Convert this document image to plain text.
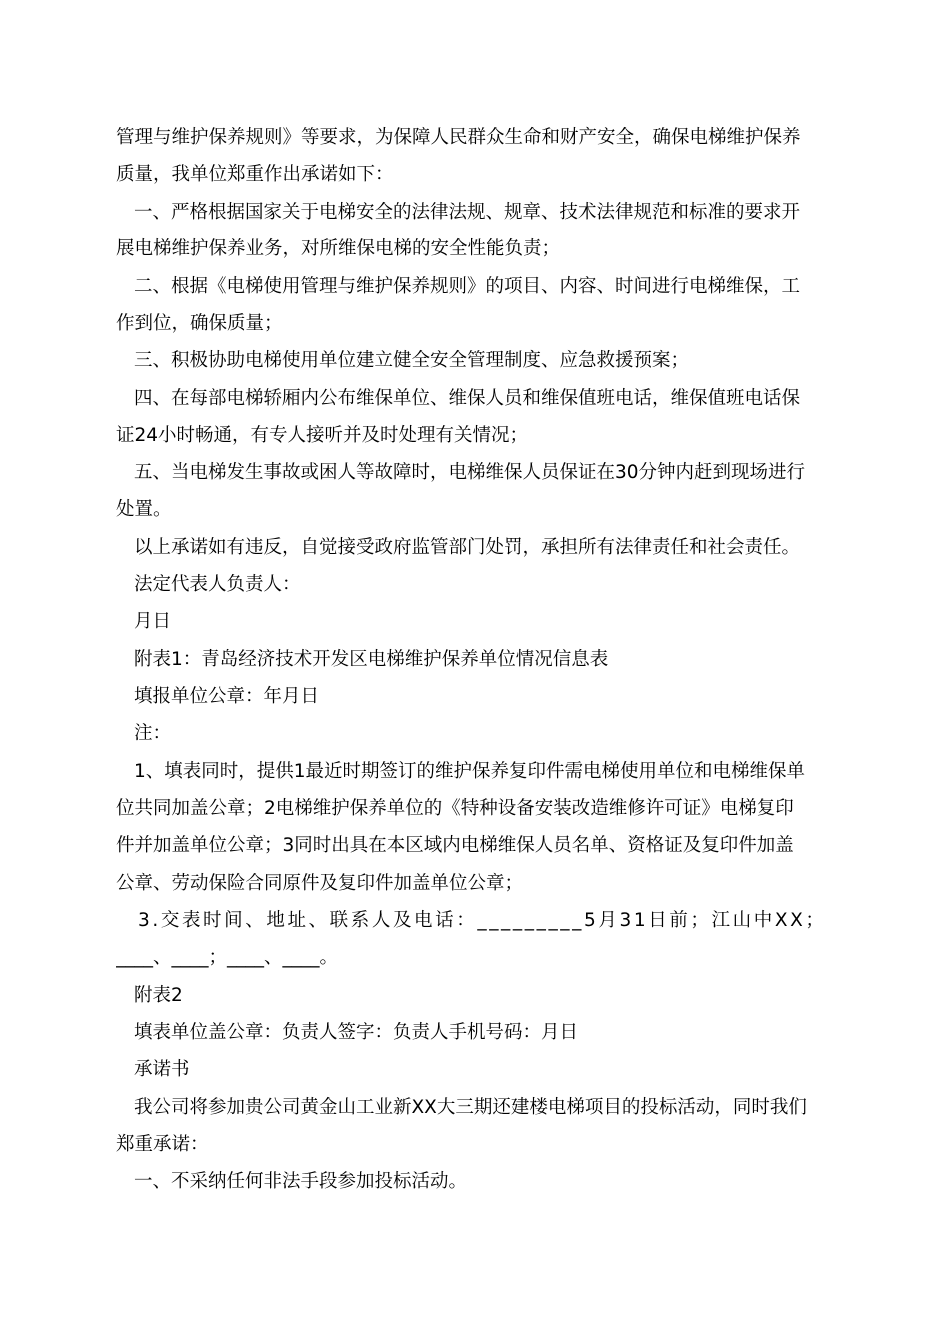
管理与维护保养规则》等要求，为保障人民群众生命和财产安全，确保电梯维护保养
质量，我单位郑重作出承诺如下：
一、严格根据国家关于电梯安全的法律法规、规章、技术法律规范和标准的要求开
展电梯维护保养业务，对所维保电梯的安全性能负责；
二、根据《电梯使用管理与维护保养规则》的项目、内容、时间进行电梯维保，工
作到位，确保质量；
三、积极协助电梯使用单位建立健全安全管理制度、应急救援预案；
四、在每部电梯轿厢内公布维保单位、维保人员和维保值班电话，维保值班电话保
证24小时畅通，有专人接听并及时处理有关情况；
五、当电梯发生事故或困人等故障时，电梯维保人员保证在30分钟内赶到现场进行
处置。
以上承诺如有违反，自觉接受政府监管部门处罚，承担所有法律责任和社会责任。
法定代表人负责人：
月日
附表1：青岛经济技术开发区电梯维护保养单位情况信息表
填报单位公章：年月日
注：
1、填表同时，提供1最近时期签订的维护保养复印件需电梯使用单位和电梯维保单
位共同加盖公章；2电梯维护保养单位的《特种设备安装改造维修许可证》电梯复印
件并加盖单位公章；3同时出具在本区域内电梯维保人员名单、资格证及复印件加盖
公章、劳动保险合同原件及复印件加盖单位公章；
3.交表时间、地址、联系人及电话：_________5月31日前；江山中XX；
____、____；____、____。
附表2
填表单位盖公章：负责人签字：负责人手机号码：月日
承诺书
我公司将参加贵公司黄金山工业新XX大三期还建楼电梯项目的投标活动，同时我们
郑重承诺：
一、不采纳任何非法手段参加投标活动。
